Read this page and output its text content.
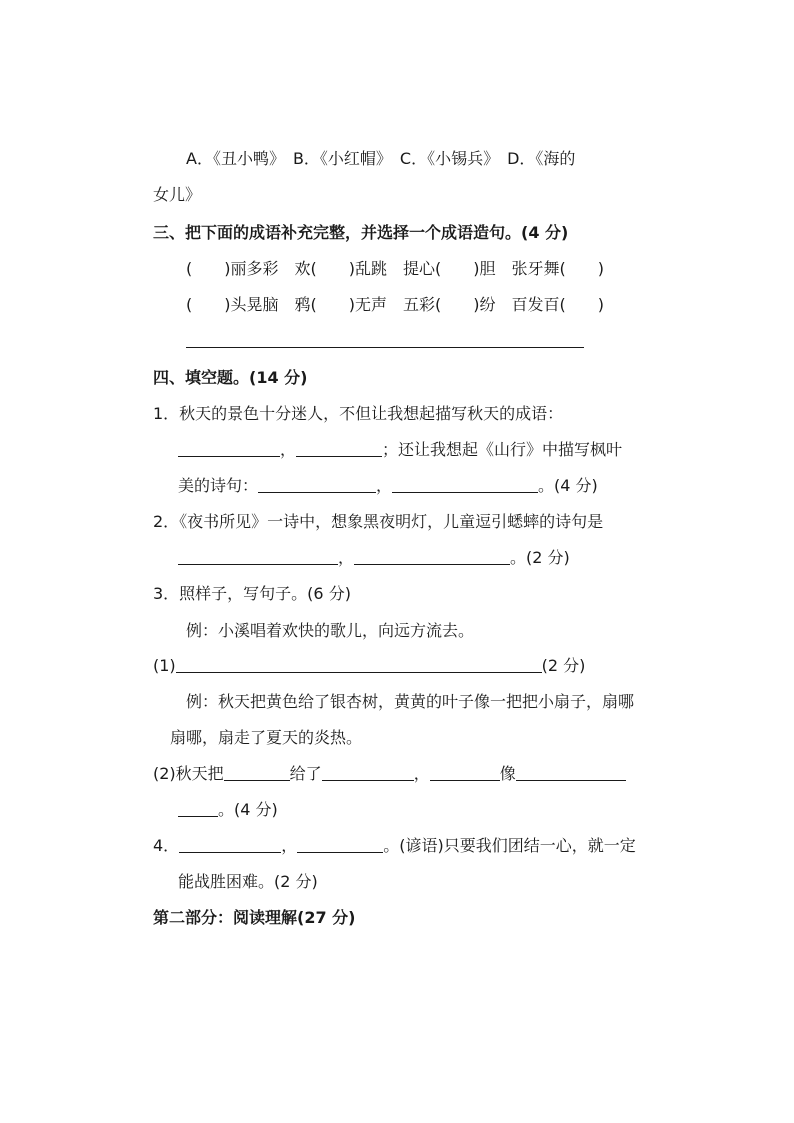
A．《丑小鸭》　B．《小红帽》　C．《小锡兵》　D．《海的
女儿》
三、把下面的成语补充完整，并选择一个成语造句。(4 分)
(　　)丽多彩　欢(　　)乱跳　提心(　　)胆　张牙舞(　　)
(　　)头晃脑　鸦(　　)无声　五彩(　　)纷　百发百(　　)
四、填空题。(14 分)
1．秋天的景色十分迷人，不但让我想起描写秋天的成语：
，	；还让我想起《山行》中描写枫叶
美的诗句：	，	。(4 分)
2．《夜书所见》一诗中，想象黑夜明灯，儿童逗引蟋蟀的诗句是
，	。(2 分)
3．照样子，写句子。(6 分)
例：小溪唱着欢快的歌儿，向远方流去。
(1)	(2 分)
例：秋天把黄色给了银杏树，黄黄的叶子像一把把小扇子，扇哪
扇哪，扇走了夏天的炎热。
(2)秋天把	给了	，	像
。(4 分)
4．	，	。(谚语)只要我们团结一心，就一定
能战胜困难。(2 分)
第二部分：阅读理解(27 分)
